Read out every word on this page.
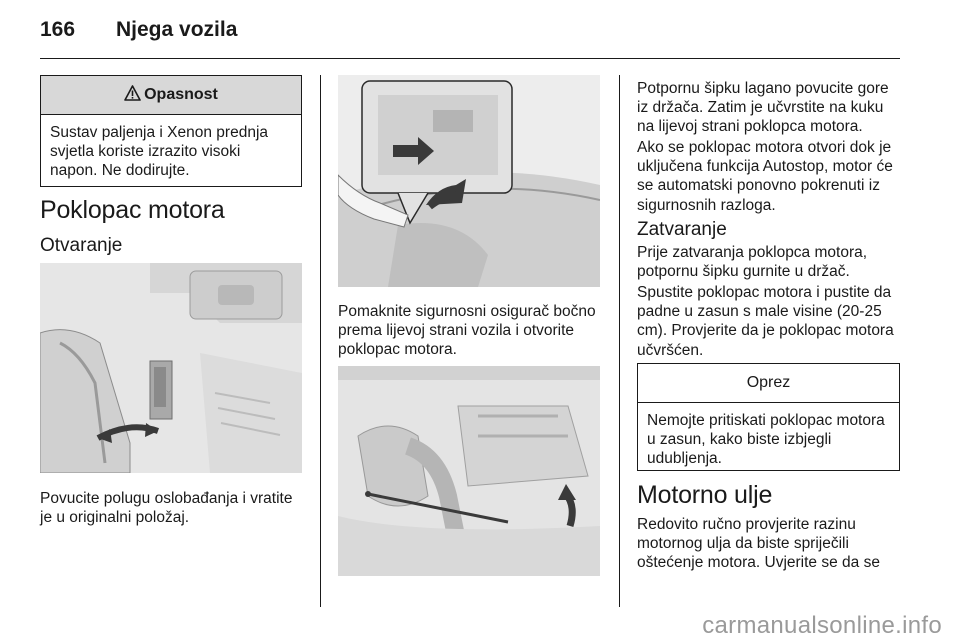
166 Njega vozila
Opasnost
Sustav paljenja i Xenon prednja svjetla koriste izrazito visoki napon. Ne dodirujte.
Poklopac motora
Otvaranje

Povucite polugu oslobađanja i vratite je u originalni položaj.

Pomaknite sigurnosni osigurač bočno prema lijevoj strani vozila i otvorite poklopac motora.

Potpornu šipku lagano povucite gore iz držača. Zatim je učvrstite na kuku na lijevoj strani poklopca motora.

Ako se poklopac motora otvori dok je uključena funkcija Autostop, motor će se automatski ponovno pokrenuti iz sigurnosnih razloga.

Zatvaranje

Prije zatvaranja poklopca motora, potpornu šipku gurnite u držač.

Spustite poklopac motora i pustite da padne u zasun s male visine (20-25 cm). Provjerite da je poklopac motora učvršćen.

Oprez
Nemojte pritiskati poklopac motora u zasun, kako biste izbjegli udubljenja.
Motorno ulje

Redovito ručno provjerite razinu motornog ulja da biste spriječili oštećenje motora. Uvjerite se da se

carmanualsonline.info
